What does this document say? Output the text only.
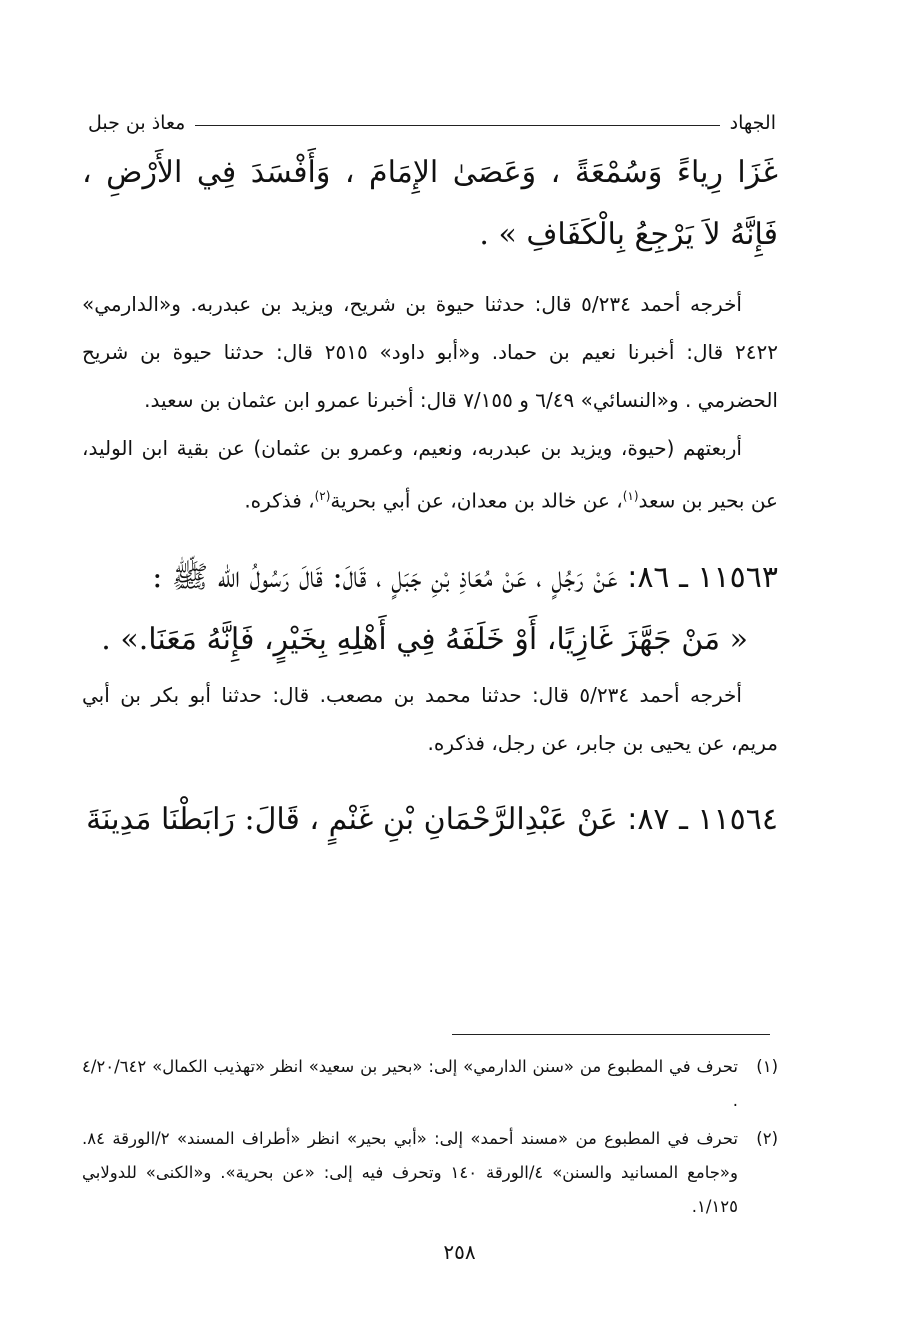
الجهاد
معاذ بن جبل

غَزَا رِياءً وَسُمْعَةً ، وَعَصَىٰ الإِمَامَ ، وَأَفْسَدَ فِي الأَرْضِ ، فَإِنَّهُ لاَ يَرْجِعُ بِالْكَفَافِ » .

أخرجه أحمد ٥/٢٣٤ قال: حدثنا حيوة بن شريح، ويزيد بن عبدربه. و«الدارمي» ٢٤٢٢ قال: أخبرنا نعيم بن حماد. و«أبو داود» ٢٥١٥ قال: حدثنا حيوة بن شريح الحضرمي . و«النسائي» ٦/٤٩ و ٧/١٥٥ قال: أخبرنا عمرو ابن عثمان بن سعيد.

أربعتهم (حيوة، ويزيد بن عبدربه، ونعيم، وعمرو بن عثمان) عن بقية ابن الوليد، عن بحير بن سعد$^{(١)}$، عن خالد بن معدان، عن أبي بحرية$^{(٢)}$، فذكره.

١١٥٦٣ ـ ٨٦: عَنْ رَجُلٍ ، عَنْ مُعَاذِ بْنِ جَبَلٍ ، قَالَ: قَالَ رَسُولُ الله ﷺ :

« مَنْ جَهَّزَ غَازِيًا، أَوْ خَلَفَهُ فِي أَهْلِهِ بِخَيْرٍ، فَإِنَّهُ مَعَنَا.» .

أخرجه أحمد ٥/٢٣٤ قال: حدثنا محمد بن مصعب. قال: حدثنا أبو بكر بن أبي مريم، عن يحيى بن جابر، عن رجل، فذكره.

١١٥٦٤ ـ ٨٧: عَنْ عَبْدِالرَّحْمَانِ بْنِ غَنْمٍ ، قَالَ: رَابَطْنَا مَدِينَةَ

(١)
تحرف في المطبوع من «سنن الدارمي» إلى: «بحير بن سعيد» انظر «تهذيب الكمال» ٤/٢٠/٦٤٢ .
(٢)
تحرف في المطبوع من «مسند أحمد» إلى: «أبي بحير» انظر «أطراف المسند» ٢/الورقة ٨٤. و«جامع المسانيد والسنن» ٤/الورقة ١٤٠ وتحرف فيه إلى: «عن بحرية». و«الكنى» للدولابي ١/١٢٥.
٢٥٨
